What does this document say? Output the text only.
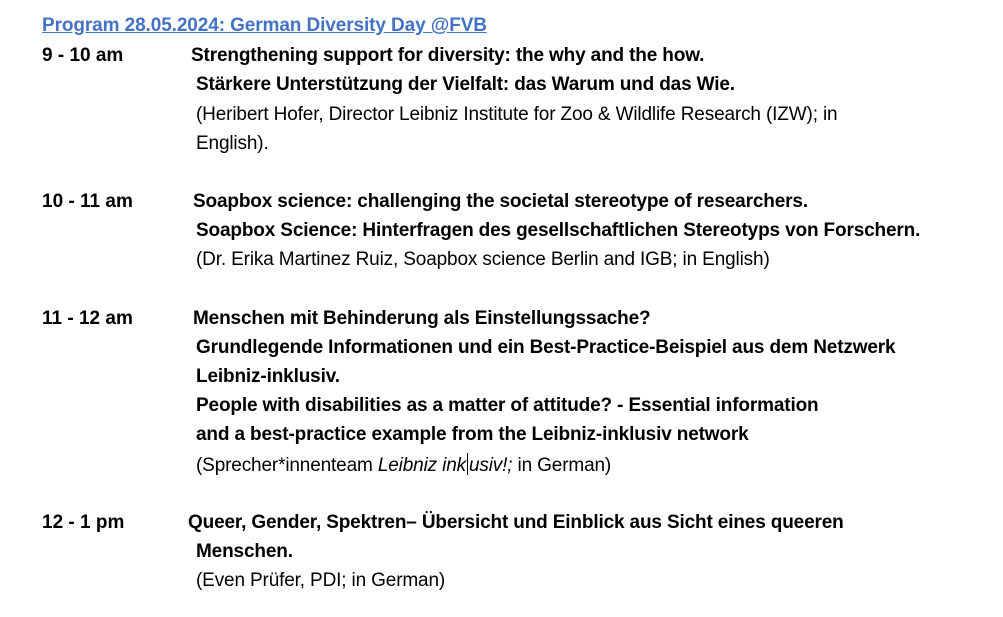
Program 28.05.2024: German Diversity Day @FVB
9 - 10 am	Strengthening support for diversity: the why and the how.
Stärkere Unterstützung der Vielfalt: das Warum und das Wie.
(Heribert Hofer, Director Leibniz Institute for Zoo & Wildlife Research (IZW); in
English).
10 - 11 am	Soapbox science: challenging the societal stereotype of researchers.
Soapbox Science: Hinterfragen des gesellschaftlichen Stereotyps von Forschern.
(Dr. Erika Martinez Ruiz, Soapbox science Berlin and IGB; in English)
11 - 12 am	Menschen mit Behinderung als Einstellungssache?
Grundlegende Informationen und ein Best-Practice-Beispiel aus dem Netzwerk
Leibniz-inklusiv.
People with disabilities as a matter of attitude? - Essential information
and a best-practice example from the Leibniz-inklusiv network
(Sprecher*innenteam Leibniz ink usiv!; in German)
12 - 1 pm	Queer, Gender, Spektren– Übersicht und Einblick aus Sicht eines queeren
Menschen.
(Even Prüfer, PDI; in German)
